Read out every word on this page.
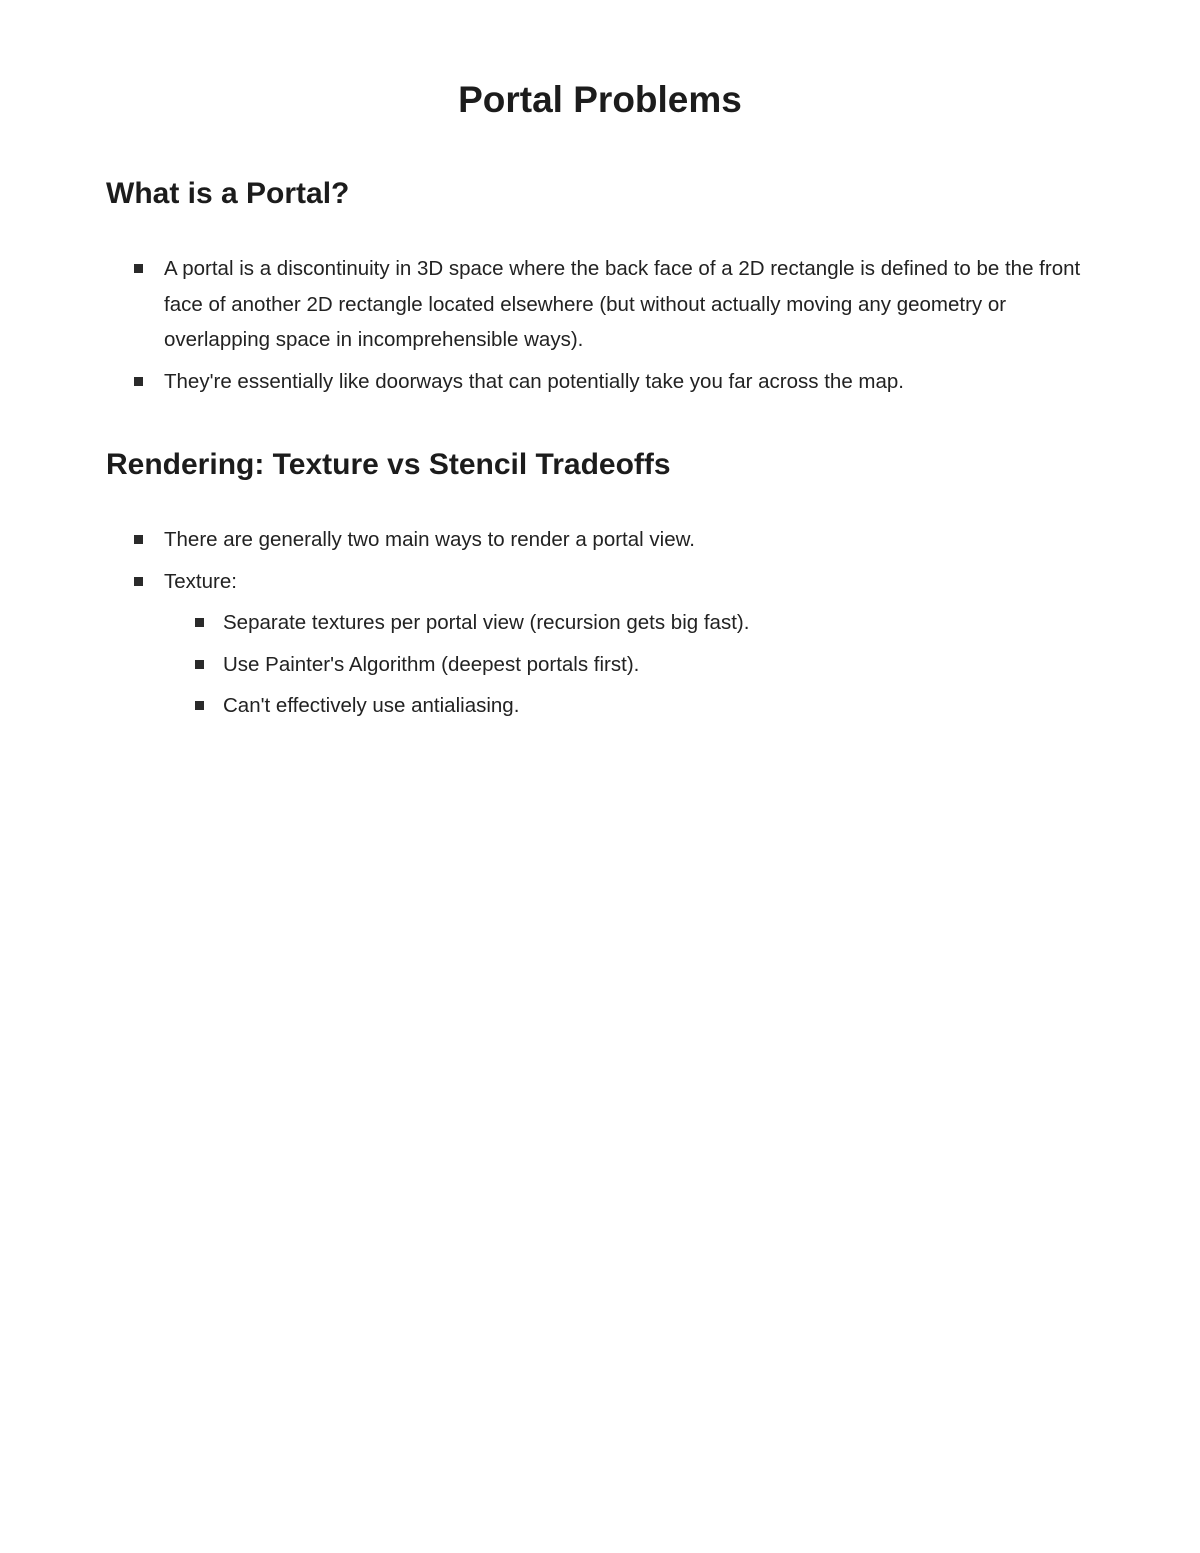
Portal Problems
What is a Portal?
A portal is a discontinuity in 3D space where the back face of a 2D rectangle is defined to be the front face of another 2D rectangle located elsewhere (but without actually moving any geometry or overlapping space in incomprehensible ways).
They're essentially like doorways that can potentially take you far across the map.
Rendering: Texture vs Stencil Tradeoffs
There are generally two main ways to render a portal view.
Texture:
Separate textures per portal view (recursion gets big fast).
Use Painter's Algorithm (deepest portals first).
Can't effectively use antialiasing.
